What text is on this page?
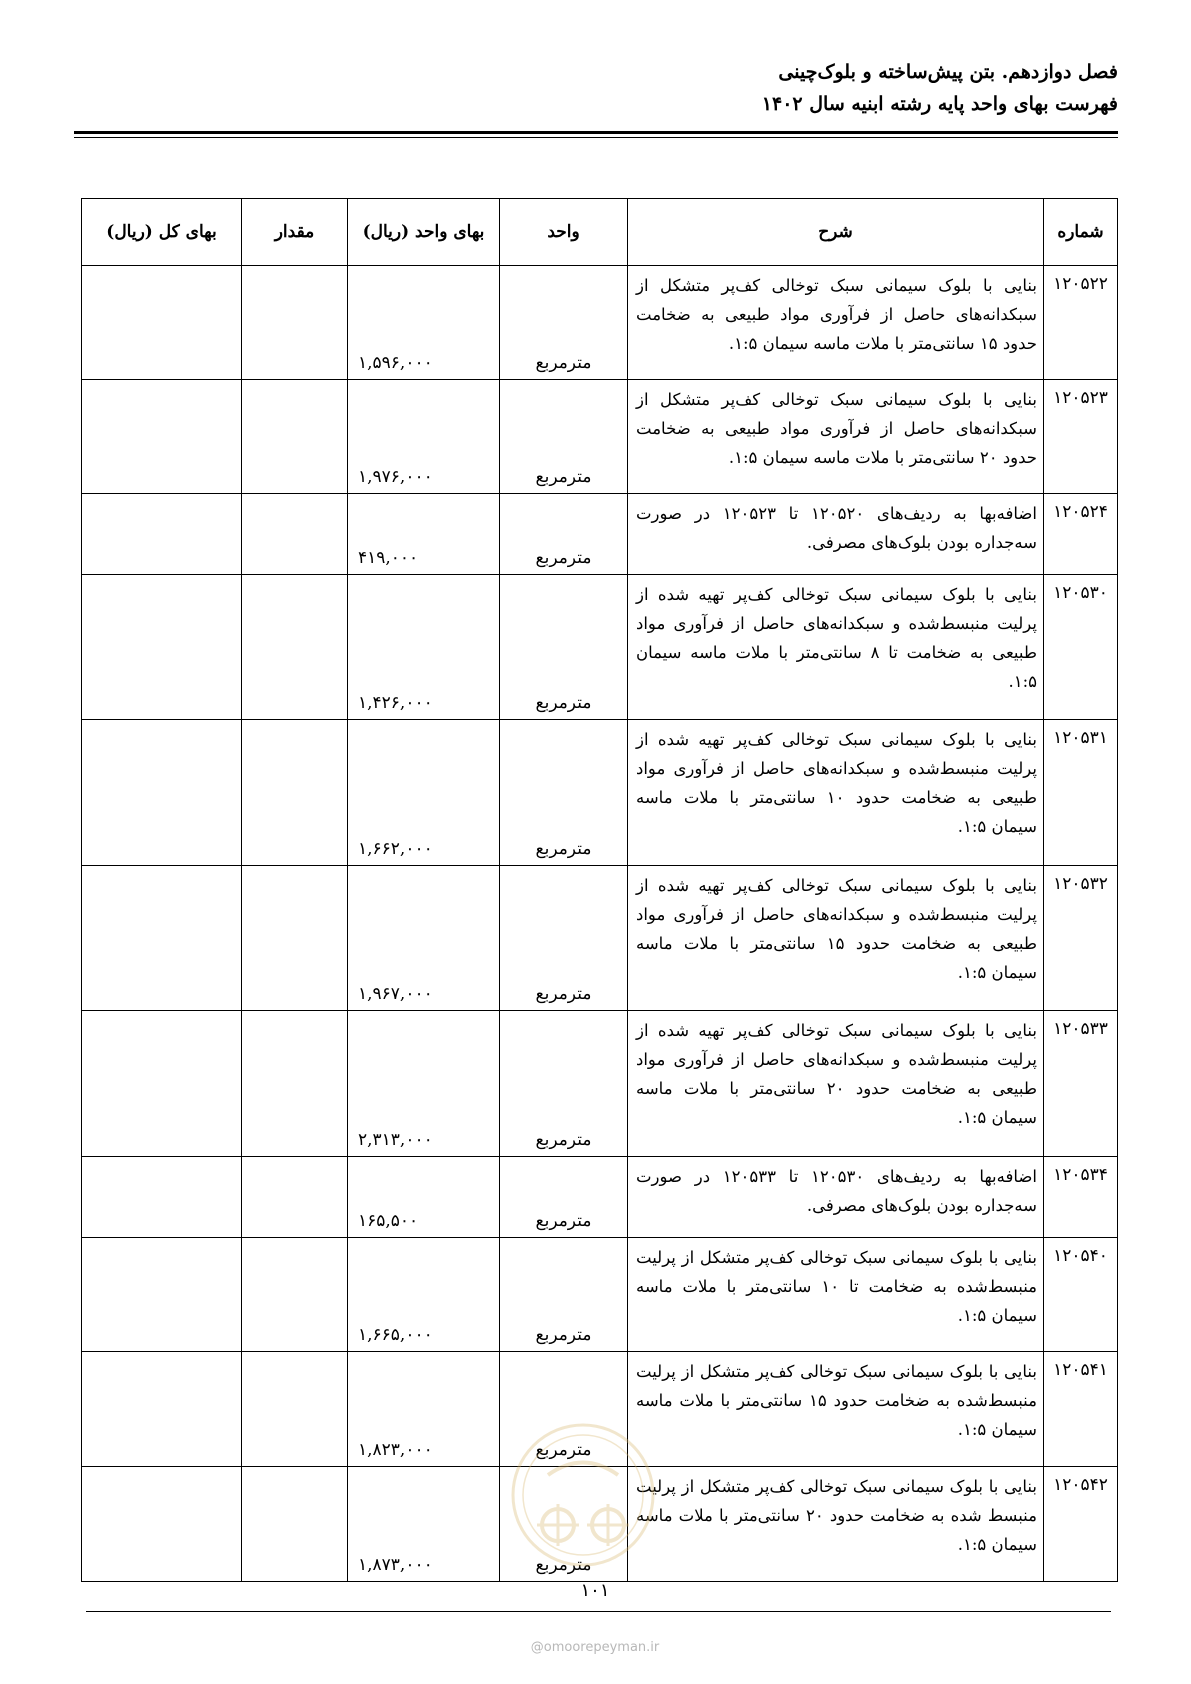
فصل دوازدهم. بتن پیش‌ساخته و بلوک‌چینی
فهرست بهای واحد پایه رشته ابنیه سال ۱۴۰۲
شماره	شرح	واحد	بهای واحد (ریال)	مقدار	بهای کل (ریال)
۱۲۰۵۲۲	بنایی با بلوک سیمانی سبک توخالی کف‌پر متشکل از سبکدانه‌های حاصل از فرآوری مواد طبیعی به ضخامت حدود ۱۵ سانتی‌متر با ملات ماسه سیمان ۱:۵.	مترمربع	۱,۵۹۶,۰۰۰		
۱۲۰۵۲۳	بنایی با بلوک سیمانی سبک توخالی کف‌پر متشکل از سبکدانه‌های حاصل از فرآوری مواد طبیعی به ضخامت حدود ۲۰ سانتی‌متر با ملات ماسه سیمان ۱:۵.	مترمربع	۱,۹۷۶,۰۰۰		
۱۲۰۵۲۴	اضافه‌بها به ردیف‌های ۱۲۰۵۲۰ تا ۱۲۰۵۲۳ در صورت سه‌جداره بودن بلوک‌های مصرفی.	مترمربع	۴۱۹,۰۰۰		
۱۲۰۵۳۰	بنایی با بلوک سیمانی سبک توخالی کف‌پر تهیه شده از پرلیت منبسط‌شده و سبکدانه‌های حاصل از فرآوری مواد طبیعی به ضخامت تا ۸ سانتی‌متر با ملات ماسه سیمان ۱:۵.	مترمربع	۱,۴۲۶,۰۰۰		
۱۲۰۵۳۱	بنایی با بلوک سیمانی سبک توخالی کف‌پر تهیه شده از پرلیت منبسط‌شده و سبکدانه‌های حاصل از فرآوری مواد طبیعی به ضخامت حدود ۱۰ سانتی‌متر با ملات ماسه سیمان ۱:۵.	مترمربع	۱,۶۶۲,۰۰۰		
۱۲۰۵۳۲	بنایی با بلوک سیمانی سبک توخالی کف‌پر تهیه شده از پرلیت منبسط‌شده و سبکدانه‌های حاصل از فرآوری مواد طبیعی به ضخامت حدود ۱۵ سانتی‌متر با ملات ماسه سیمان ۱:۵.	مترمربع	۱,۹۶۷,۰۰۰		
۱۲۰۵۳۳	بنایی با بلوک سیمانی سبک توخالی کف‌پر تهیه شده از پرلیت منبسط‌شده و سبکدانه‌های حاصل از فرآوری مواد طبیعی به ضخامت حدود ۲۰ سانتی‌متر با ملات ماسه سیمان ۱:۵.	مترمربع	۲,۳۱۳,۰۰۰		
۱۲۰۵۳۴	اضافه‌بها به ردیف‌های ۱۲۰۵۳۰ تا ۱۲۰۵۳۳ در صورت سه‌جداره بودن بلوک‌های مصرفی.	مترمربع	۱۶۵,۵۰۰		
۱۲۰۵۴۰	بنایی با بلوک سیمانی سبک توخالی کف‌پر متشکل از پرلیت منبسط‌شده به ضخامت تا ۱۰ سانتی‌متر با ملات ماسه سیمان ۱:۵.	مترمربع	۱,۶۶۵,۰۰۰		
۱۲۰۵۴۱	بنایی با بلوک سیمانی سبک توخالی کف‌پر متشکل از پرلیت منبسط‌شده به ضخامت حدود ۱۵ سانتی‌متر با ملات ماسه سیمان ۱:۵.	مترمربع	۱,۸۲۳,۰۰۰		
۱۲۰۵۴۲	بنایی با بلوک سیمانی سبک توخالی کف‌پر متشکل از پرلیت منبسط شده به ضخامت حدود ۲۰ سانتی‌متر با ملات ماسه سیمان ۱:۵.	مترمربع	۱,۸۷۳,۰۰۰		
۱۰۱
@omoorepeyman.ir
